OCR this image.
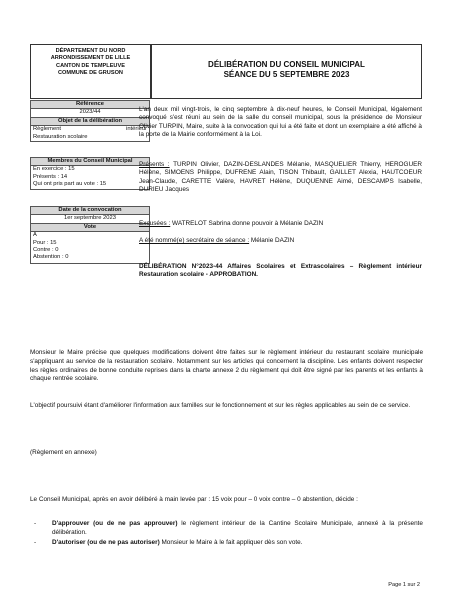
DÉPARTEMENT DU NORD
ARRONDISSEMENT DE LILLE
CANTON DE TEMPLEUVE
COMMUNE DE GRUSON
DÉLIBÉRATION DU CONSEIL MUNICIPAL
SÉANCE DU 5 SEPTEMBRE 2023
Référence
2023/44
Objet de la délibération
Règlement	intérieur
Restauration scolaire
Membres du Conseil Municipal
En exercice : 15
Présents : 14
Qui ont pris part au vote : 15
Date de la convocation
1er septembre 2023
Vote
A
Pour : 15
Contre : 0
Abstention : 0
L'an deux mil vingt-trois, le cinq septembre à dix-neuf heures, le Conseil Municipal, légalement convoqué s'est réuni au sein de la salle du conseil municipal, sous la présidence de Monsieur Olivier TURPIN, Maire, suite à la convocation qui lui a été faite et dont un exemplaire a été affiché à la porte de la Mairie conformément à la Loi.
Présents : TURPIN Olivier, DAZIN-DESLANDES Mélanie, MASQUELIER Thierry, HEROGUER Hélène, SIMOENS Philippe, DUFRENE Alain, TISON Thibault, GAILLET Alexia, HAUTCOEUR Jean-Claude, CARETTE Valère, HAVRET Hélène, DUQUENNE Aimé, DESCAMPS Isabelle, DURIEU Jacques
Excusées : WATRELOT Sabrina donne pouvoir à Mélanie DAZIN
A été nommé(e) secrétaire de séance : Mélanie DAZIN
DÉLIBÉRATION N°2023-44 Affaires Scolaires et Extrascolaires – Règlement intérieur Restauration scolaire - APPROBATION.
Monsieur le Maire précise que quelques modifications doivent être faites sur le règlement intérieur du restaurant scolaire municipale s'appliquant au service de la restauration scolaire. Notamment sur les articles qui concernent la discipline. Les enfants doivent respecter les règles ordinaires de bonne conduite reprises dans la charte annexe 2 du règlement qui doit être signé par les parents et les enfants à chaque rentrée scolaire.
L'objectif poursuivi étant d'améliorer l'information aux familles sur le fonctionnement et sur les règles applicables au sein de ce service.
(Règlement en annexe)
Le Conseil Municipal, après en avoir délibéré à main levée par : 15 voix pour – 0 voix contre – 0 abstention, décide :
-	D'approuver (ou de ne pas approuver) le règlement intérieur de la Cantine Scolaire Municipale, annexé à la présente délibération.
-	D'autoriser (ou de ne pas autoriser) Monsieur le Maire à le fait appliquer dès son vote.
Page 1 sur 2
